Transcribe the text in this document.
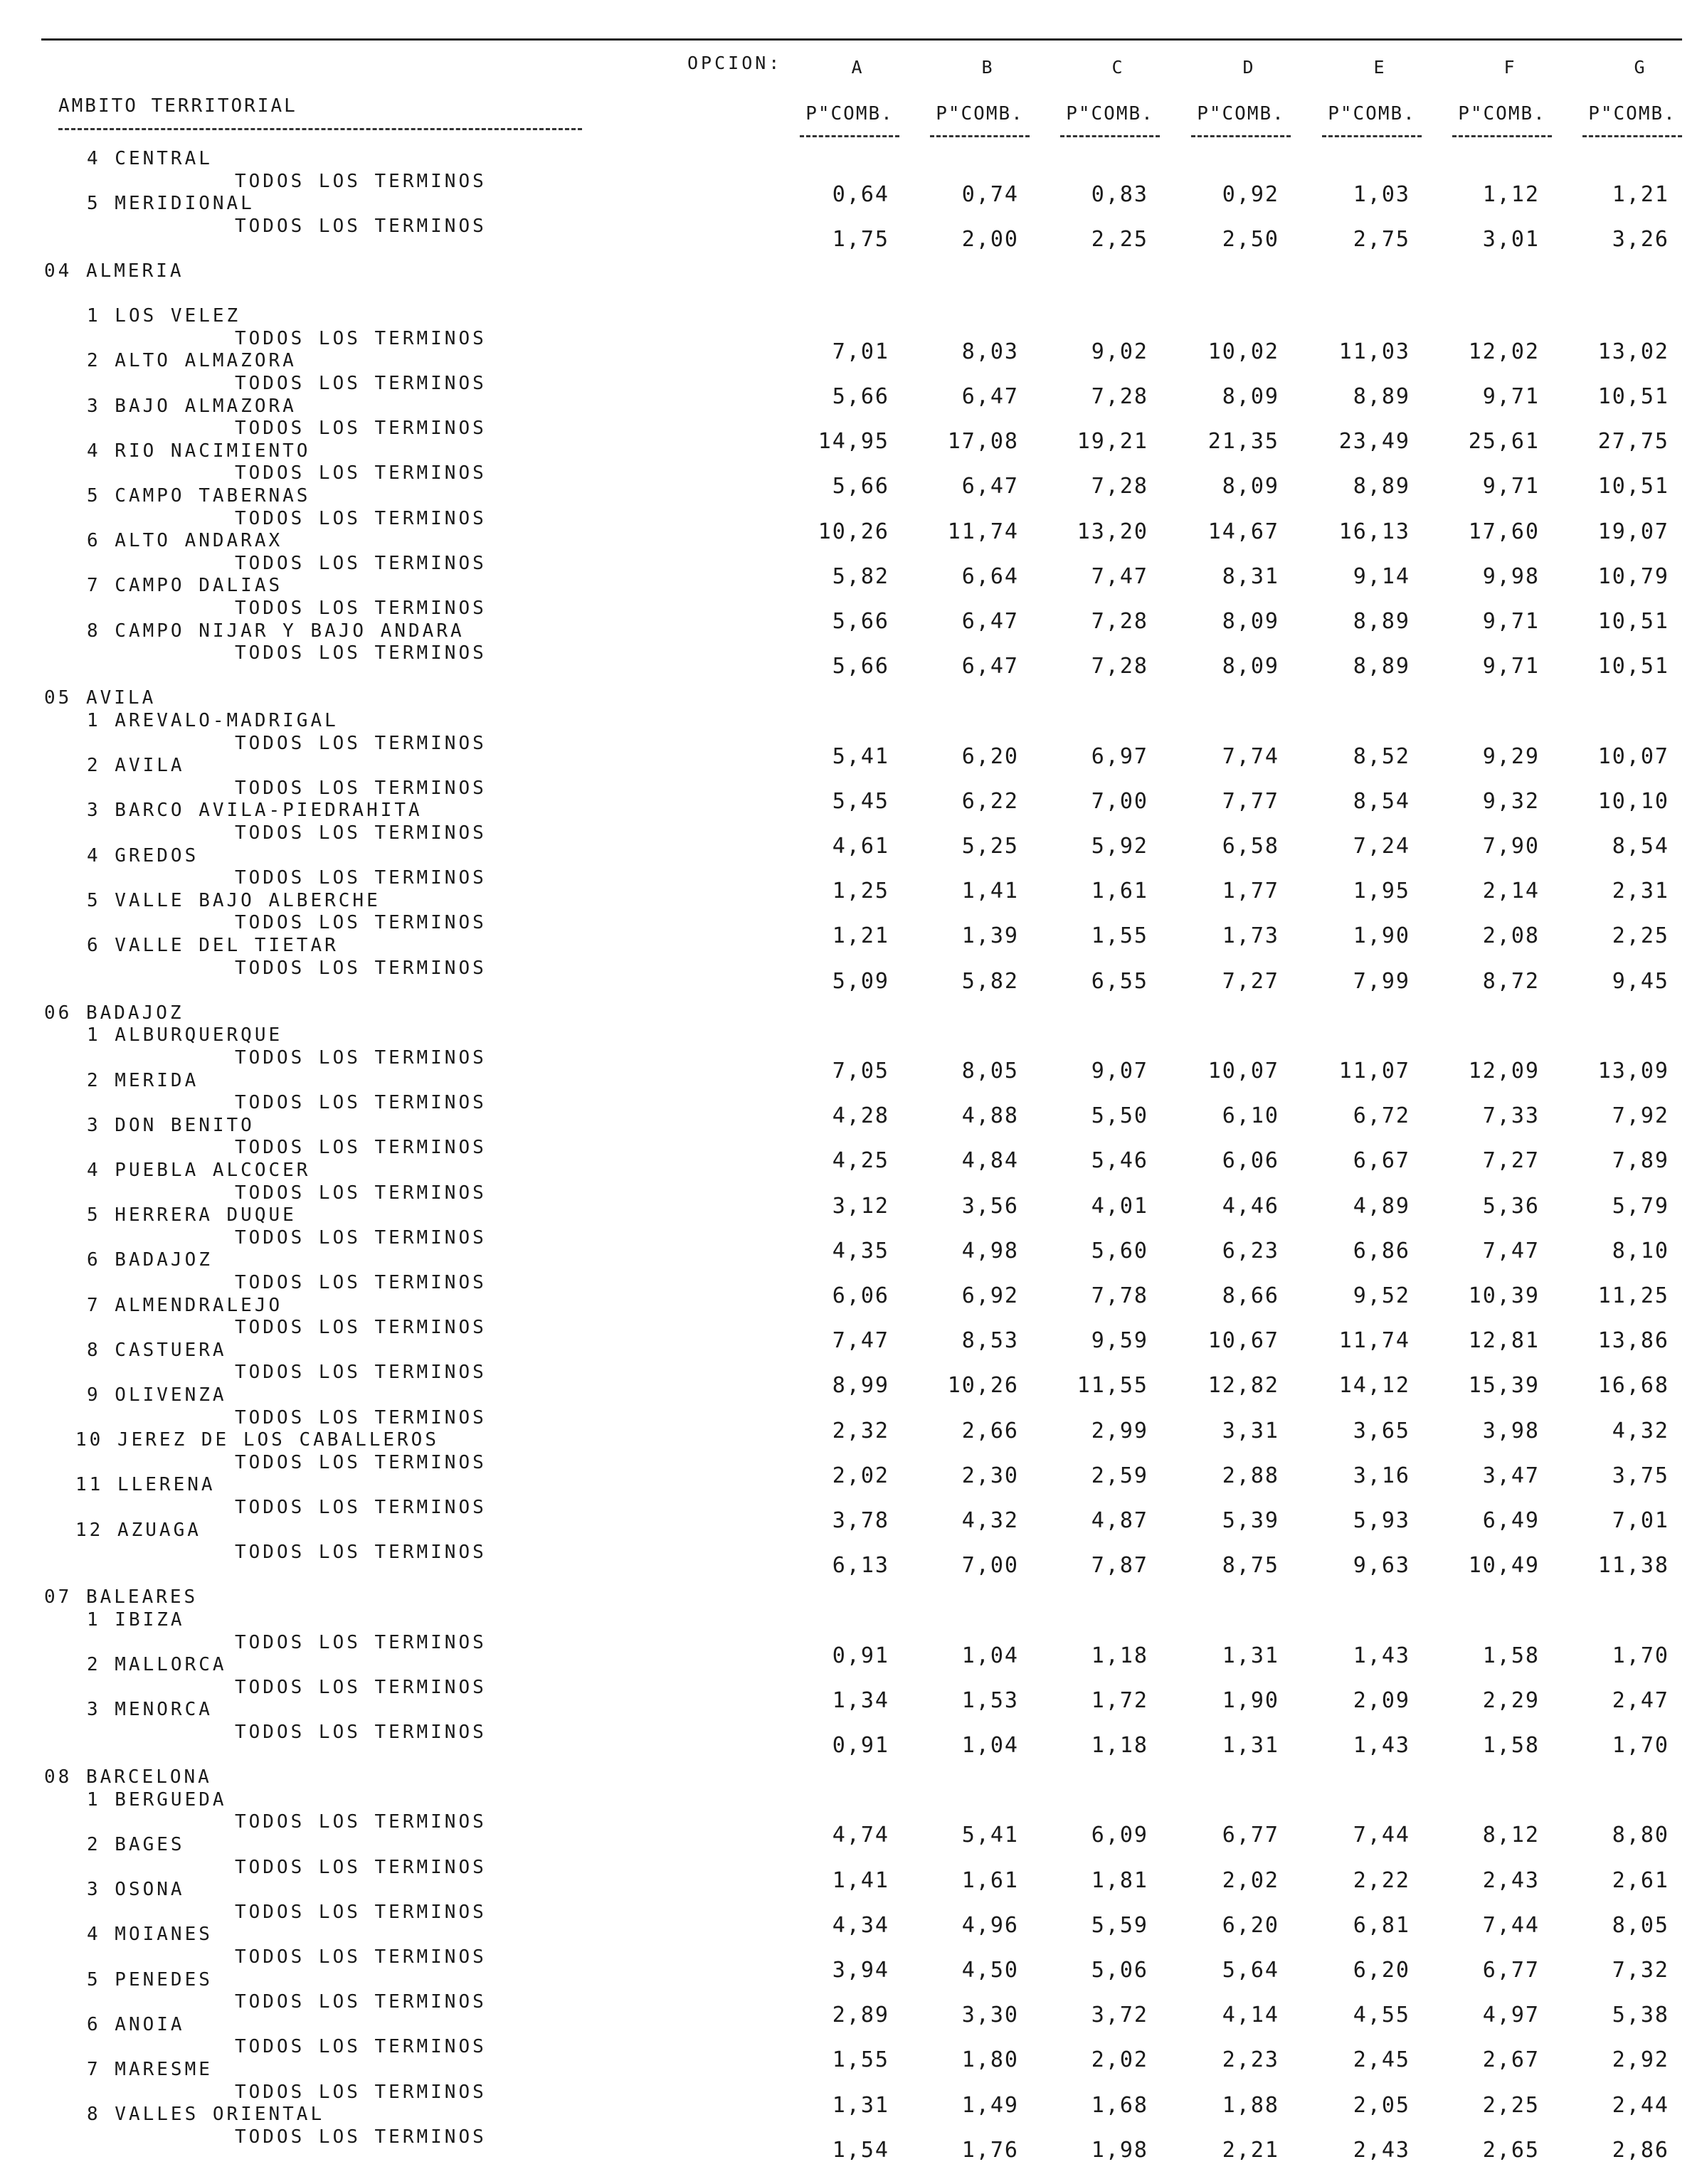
OPCION:
AMBITO TERRITORIAL
A	B	C	D	E	F	G
P"COMB.	P"COMB.	P"COMB.	P"COMB.	P"COMB.	P"COMB.	P"COMB.
4 CENTRAL
TODOS LOS TERMINOS
0,64	0,74	0,83	0,92	1,03	1,12	1,21
5 MERIDIONAL
TODOS LOS TERMINOS
1,75	2,00	2,25	2,50	2,75	3,01	3,26
04 ALMERIA
1 LOS VELEZ
TODOS LOS TERMINOS
7,01	8,03	9,02	10,02	11,03	12,02	13,02
2 ALTO ALMAZORA
TODOS LOS TERMINOS
5,66	6,47	7,28	8,09	8,89	9,71	10,51
3 BAJO ALMAZORA
TODOS LOS TERMINOS
14,95	17,08	19,21	21,35	23,49	25,61	27,75
4 RIO NACIMIENTO
TODOS LOS TERMINOS
5,66	6,47	7,28	8,09	8,89	9,71	10,51
5 CAMPO TABERNAS
TODOS LOS TERMINOS
10,26	11,74	13,20	14,67	16,13	17,60	19,07
6 ALTO ANDARAX
TODOS LOS TERMINOS
5,82	6,64	7,47	8,31	9,14	9,98	10,79
7 CAMPO DALIAS
TODOS LOS TERMINOS
5,66	6,47	7,28	8,09	8,89	9,71	10,51
8 CAMPO NIJAR Y BAJO ANDARA
TODOS LOS TERMINOS
5,66	6,47	7,28	8,09	8,89	9,71	10,51
05 AVILA
1 AREVALO-MADRIGAL
TODOS LOS TERMINOS
5,41	6,20	6,97	7,74	8,52	9,29	10,07
2 AVILA
TODOS LOS TERMINOS
5,45	6,22	7,00	7,77	8,54	9,32	10,10
3 BARCO AVILA-PIEDRAHITA
TODOS LOS TERMINOS
4,61	5,25	5,92	6,58	7,24	7,90	8,54
4 GREDOS
TODOS LOS TERMINOS
1,25	1,41	1,61	1,77	1,95	2,14	2,31
5 VALLE BAJO ALBERCHE
TODOS LOS TERMINOS
1,21	1,39	1,55	1,73	1,90	2,08	2,25
6 VALLE DEL TIETAR
TODOS LOS TERMINOS
5,09	5,82	6,55	7,27	7,99	8,72	9,45
06 BADAJOZ
1 ALBURQUERQUE
TODOS LOS TERMINOS
7,05	8,05	9,07	10,07	11,07	12,09	13,09
2 MERIDA
TODOS LOS TERMINOS
4,28	4,88	5,50	6,10	6,72	7,33	7,92
3 DON BENITO
TODOS LOS TERMINOS
4,25	4,84	5,46	6,06	6,67	7,27	7,89
4 PUEBLA ALCOCER
TODOS LOS TERMINOS
3,12	3,56	4,01	4,46	4,89	5,36	5,79
5 HERRERA DUQUE
TODOS LOS TERMINOS
4,35	4,98	5,60	6,23	6,86	7,47	8,10
6 BADAJOZ
TODOS LOS TERMINOS
6,06	6,92	7,78	8,66	9,52	10,39	11,25
7 ALMENDRALEJO
TODOS LOS TERMINOS
7,47	8,53	9,59	10,67	11,74	12,81	13,86
8 CASTUERA
TODOS LOS TERMINOS
8,99	10,26	11,55	12,82	14,12	15,39	16,68
9 OLIVENZA
TODOS LOS TERMINOS
2,32	2,66	2,99	3,31	3,65	3,98	4,32
10 JEREZ DE LOS CABALLEROS
TODOS LOS TERMINOS
2,02	2,30	2,59	2,88	3,16	3,47	3,75
11 LLERENA
TODOS LOS TERMINOS
3,78	4,32	4,87	5,39	5,93	6,49	7,01
12 AZUAGA
TODOS LOS TERMINOS
6,13	7,00	7,87	8,75	9,63	10,49	11,38
07 BALEARES
1 IBIZA
TODOS LOS TERMINOS
0,91	1,04	1,18	1,31	1,43	1,58	1,70
2 MALLORCA
TODOS LOS TERMINOS
1,34	1,53	1,72	1,90	2,09	2,29	2,47
3 MENORCA
TODOS LOS TERMINOS
0,91	1,04	1,18	1,31	1,43	1,58	1,70
08 BARCELONA
1 BERGUEDA
TODOS LOS TERMINOS
4,74	5,41	6,09	6,77	7,44	8,12	8,80
2 BAGES
TODOS LOS TERMINOS
1,41	1,61	1,81	2,02	2,22	2,43	2,61
3 OSONA
TODOS LOS TERMINOS
4,34	4,96	5,59	6,20	6,81	7,44	8,05
4 MOIANES
TODOS LOS TERMINOS
3,94	4,50	5,06	5,64	6,20	6,77	7,32
5 PENEDES
TODOS LOS TERMINOS
2,89	3,30	3,72	4,14	4,55	4,97	5,38
6 ANOIA
TODOS LOS TERMINOS
1,55	1,80	2,02	2,23	2,45	2,67	2,92
7 MARESME
TODOS LOS TERMINOS
1,31	1,49	1,68	1,88	2,05	2,25	2,44
8 VALLES ORIENTAL
TODOS LOS TERMINOS
1,54	1,76	1,98	2,21	2,43	2,65	2,86
